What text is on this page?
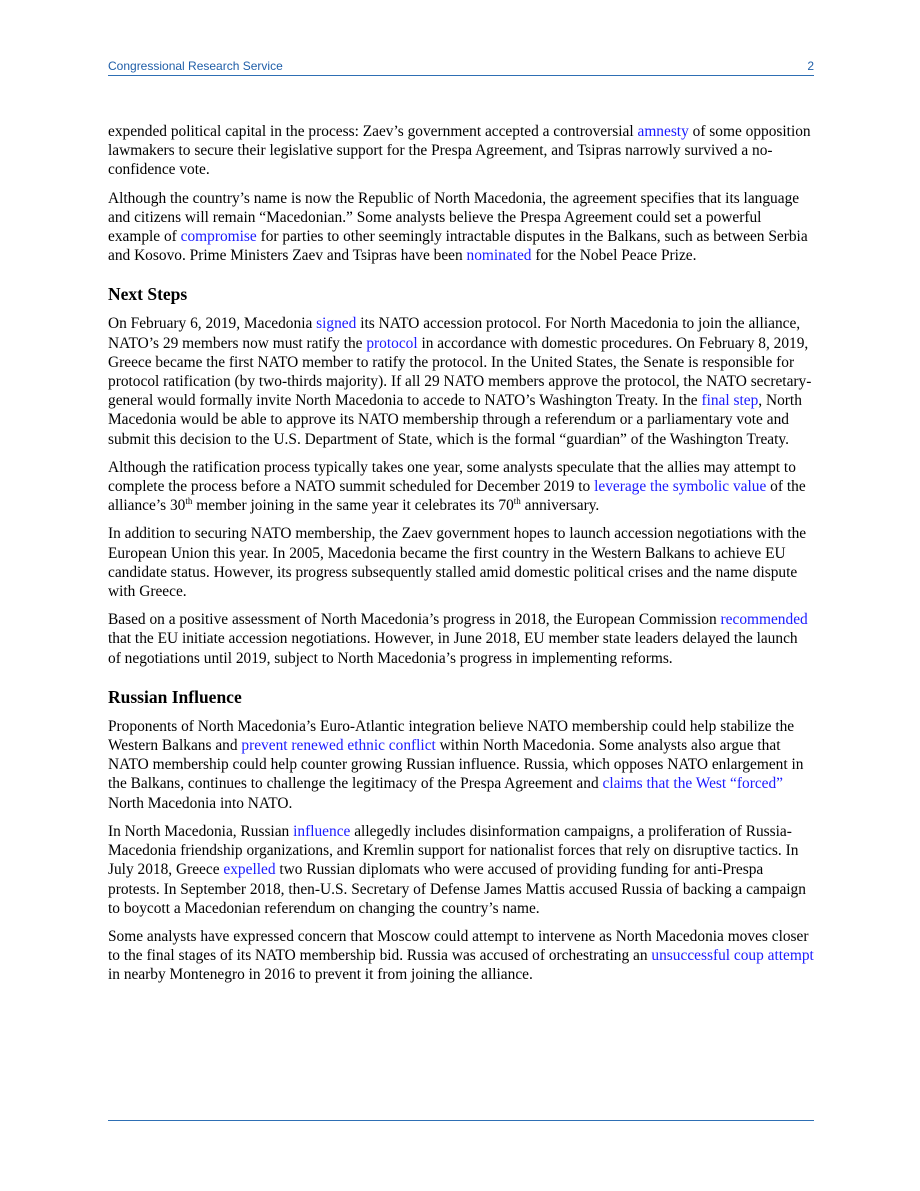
Congressional Research Service	2

expended political capital in the process: Zaev’s government accepted a controversial amnesty of some opposition lawmakers to secure their legislative support for the Prespa Agreement, and Tsipras narrowly survived a no-confidence vote.

Although the country’s name is now the Republic of North Macedonia, the agreement specifies that its language and citizens will remain “Macedonian.” Some analysts believe the Prespa Agreement could set a powerful example of compromise for parties to other seemingly intractable disputes in the Balkans, such as between Serbia and Kosovo. Prime Ministers Zaev and Tsipras have been nominated for the Nobel Peace Prize.

Next Steps

On February 6, 2019, Macedonia signed its NATO accession protocol. For North Macedonia to join the alliance, NATO’s 29 members now must ratify the protocol in accordance with domestic procedures. On February 8, 2019, Greece became the first NATO member to ratify the protocol. In the United States, the Senate is responsible for protocol ratification (by two-thirds majority). If all 29 NATO members approve the protocol, the NATO secretary-general would formally invite North Macedonia to accede to NATO’s Washington Treaty. In the final step, North Macedonia would be able to approve its NATO membership through a referendum or a parliamentary vote and submit this decision to the U.S. Department of State, which is the formal “guardian” of the Washington Treaty.

Although the ratification process typically takes one year, some analysts speculate that the allies may attempt to complete the process before a NATO summit scheduled for December 2019 to leverage the symbolic value of the alliance’s 30th member joining in the same year it celebrates its 70th anniversary.

In addition to securing NATO membership, the Zaev government hopes to launch accession negotiations with the European Union this year. In 2005, Macedonia became the first country in the Western Balkans to achieve EU candidate status. However, its progress subsequently stalled amid domestic political crises and the name dispute with Greece.

Based on a positive assessment of North Macedonia’s progress in 2018, the European Commission recommended that the EU initiate accession negotiations. However, in June 2018, EU member state leaders delayed the launch of negotiations until 2019, subject to North Macedonia’s progress in implementing reforms.

Russian Influence

Proponents of North Macedonia’s Euro-Atlantic integration believe NATO membership could help stabilize the Western Balkans and prevent renewed ethnic conflict within North Macedonia. Some analysts also argue that NATO membership could help counter growing Russian influence. Russia, which opposes NATO enlargement in the Balkans, continues to challenge the legitimacy of the Prespa Agreement and claims that the West “forced” North Macedonia into NATO.

In North Macedonia, Russian influence allegedly includes disinformation campaigns, a proliferation of Russia-Macedonia friendship organizations, and Kremlin support for nationalist forces that rely on disruptive tactics. In July 2018, Greece expelled two Russian diplomats who were accused of providing funding for anti-Prespa protests. In September 2018, then-U.S. Secretary of Defense James Mattis accused Russia of backing a campaign to boycott a Macedonian referendum on changing the country’s name.

Some analysts have expressed concern that Moscow could attempt to intervene as North Macedonia moves closer to the final stages of its NATO membership bid. Russia was accused of orchestrating an unsuccessful coup attempt in nearby Montenegro in 2016 to prevent it from joining the alliance.
